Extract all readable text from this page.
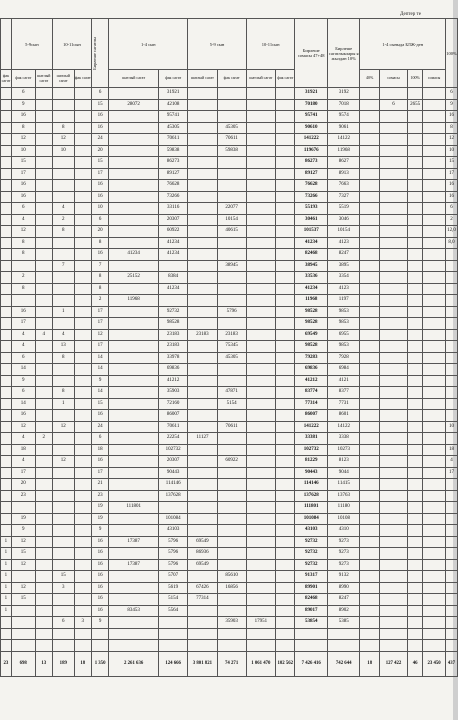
Дептер те
	5-9сын		10-11сын		Бирлеше сагатлы	1-4 сын		5-9 сын		10-11сын		Бирлеше сомасы 47+48	Бирлеше сагатлыклары я жылдан 10%	1-4 сыныда БЛЖ-ден				100%
фак сагат	фак сагат	шатлый сагат	шатлый сагат	фак сагат		шатлый сагат	фак сагат	шатлый сагат	фак сагат	шатлый сагат	фак сагат			40%	сомасы	100%	сомасы	
	6				6		31921					31921	3192					6
	9				15	28072	42108					70180	7018		6	2655		9
	16				16		95741					95741	9574					16
	8		8		16		45305		45305			90610	9061					8
	12		12		24		70611		70611			141222	14122					12
	10		10		20		59838		59838			119676	11968					10
	15				15		86273					86273	8627					15
	17				17		89127					89127	8913					17
	16				16		76628					76628	7663					16
	16				16		73266					73266	7327					16
	6		4		10		33116		22077			55193	5519					6
	4		2		6		20307		10154			30461	3046					2
	12		8		20		60922		40615			101537	10154					12,0
	8				8		41234					41234	4123					8,0
	8				16	41234	41234					82468	8247					
			7		7				38945			38945	3895					
	2				8	25152	8384					33536	3354					
	8				8		41234					41234	4123					
					2	11968						11968	1197					
	16		1		17		92732		5796			98528	9853					
	17				17		98528					98528	9853					
	4	4	4		12		23183	23183	23183			69549	6955					
	4		13		17		23183		75345			98528	9853					
	6		8		14		33978		45305			79283	7928					
	14				14		69836					69836	6984					
	9				9		41212					41212	4121					
	6		8		14		35903		47871			83774	8377					
	14		1		15		72160		5154			77314	7731					
	16				16		86007					86007	8601					
	12		12		24		70611		70611			141222	14122					10
	4	2			6		22254	11127				33381	3338					
	18				18		102732					102732	10273					18
	4		12		16		20307		60922			81229	8123					4
	17				17		90443					90443	9044					17
	20				21		114146					114146	11415					
	23				23		137628					137628	13763					
					19	111801						111801	11180					
	19				19		101084					101084	10108					
	9				9		43103					43103	4310					
1	12				16	17387	5796	69549				92732	9273					
1	15				16		5796	86936				92732	9273					
1	12				16	17387	5796	69549				92732	9273					
1			15		16		5707		85610			91317	9132					
1	12		3		16		5619	67426	16856			89901	8990					
1	15				16		5154	77314				82468	8247					
1					16	83453	5564					89017	8902					
			6	3	9				35903	17951		53854	5385					

23	698	13	189	18	1 350	2 261 636	124 666	3 801 821	74 271	1 061 470	102 562	7 426 416	742 644	18	127 422	46	23 450	437
